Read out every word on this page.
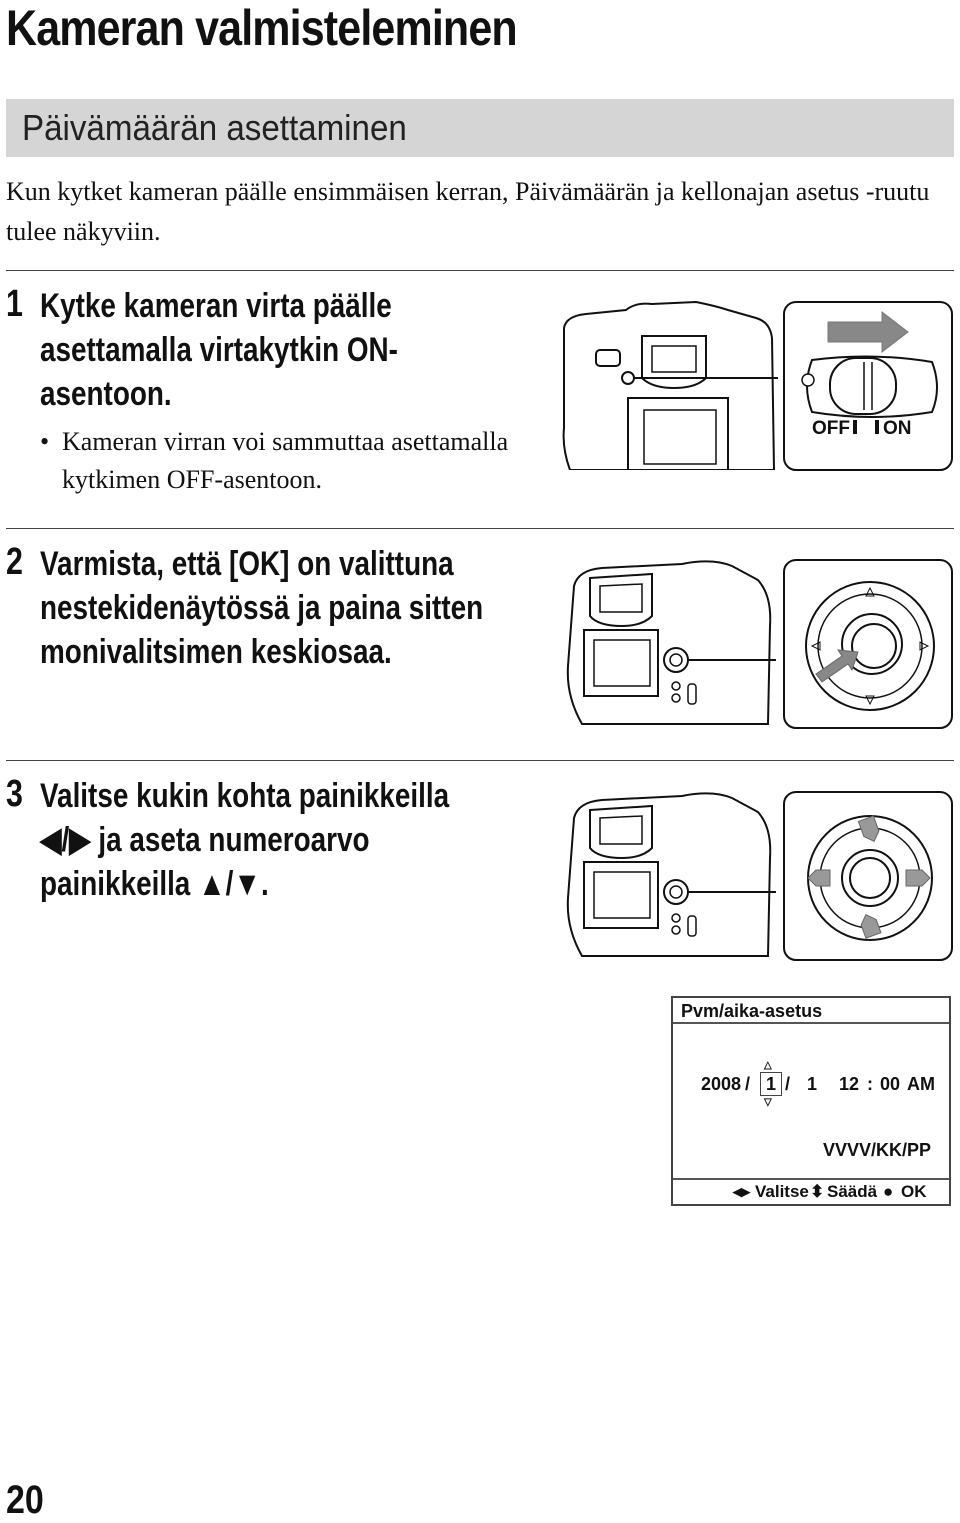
Kameran valmisteleminen
Päivämäärän asettaminen

Kun kytket kameran päälle ensimmäisen kerran, Päivämäärän ja kellonajan asetus -ruutu tulee näkyviin.

1 Kytke kameran virta päälle
asettamalla virtakytkin ON-
asentoon.
• Kameran virran voi sammuttaa asettamalla kytkimen OFF-asentoon.
OFF ON
2 Varmista, että [OK] on valittuna
nestekidenäytössä ja paina sitten
monivalitsimen keskiosaa.
3 Valitse kukin kohta painikkeilla
◀/▶ ja aseta numeroarvo
painikkeilla ▲/▼.
Pvm/aika-asetus
2008 / 1
△
▽
/ 1 12 : 00 AM
VVVV/KK/PP
◂▸ Valitse ⬍ Säädä ● OK
20
